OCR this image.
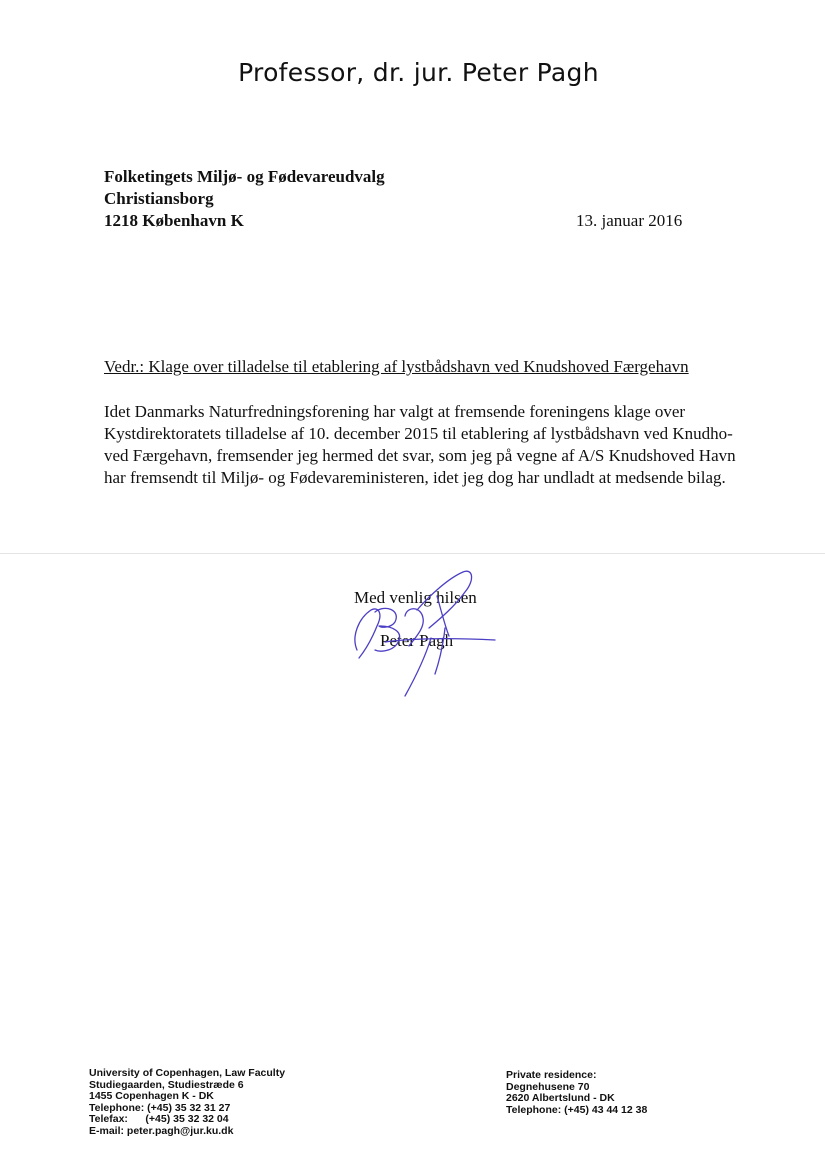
Professor, dr. jur. Peter Pagh
Folketingets Miljø- og Fødevareudvalg
Christiansborg
1218 København K	13. januar 2016
Vedr.: Klage over tilladelse til etablering af lystbådshavn ved Knudshoved Færgehavn
Idet Danmarks Naturfredningsforening har valgt at fremsende foreningens klage over
Kystdirektoratets tilladelse af 10. december 2015 til etablering af lystbådshavn ved Knudho-
ved Færgehavn, fremsender jeg hermed det svar, som jeg på vegne af A/S Knudshoved Havn
har fremsendt til Miljø- og Fødevareministeren, idet jeg dog har undladt at medsende bilag.
Med venlig hilsen
Peter Pagh
University of Copenhagen, Law Faculty
Studiegaarden, Studiestræde 6
1455 Copenhagen K - DK
Telephone: (+45) 35 32 31 27
Telefax:      (+45) 35 32 32 04
E-mail: peter.pagh@jur.ku.dk
Private residence:
Degnehusene 70
2620 Albertslund - DK
Telephone: (+45) 43 44 12 38
